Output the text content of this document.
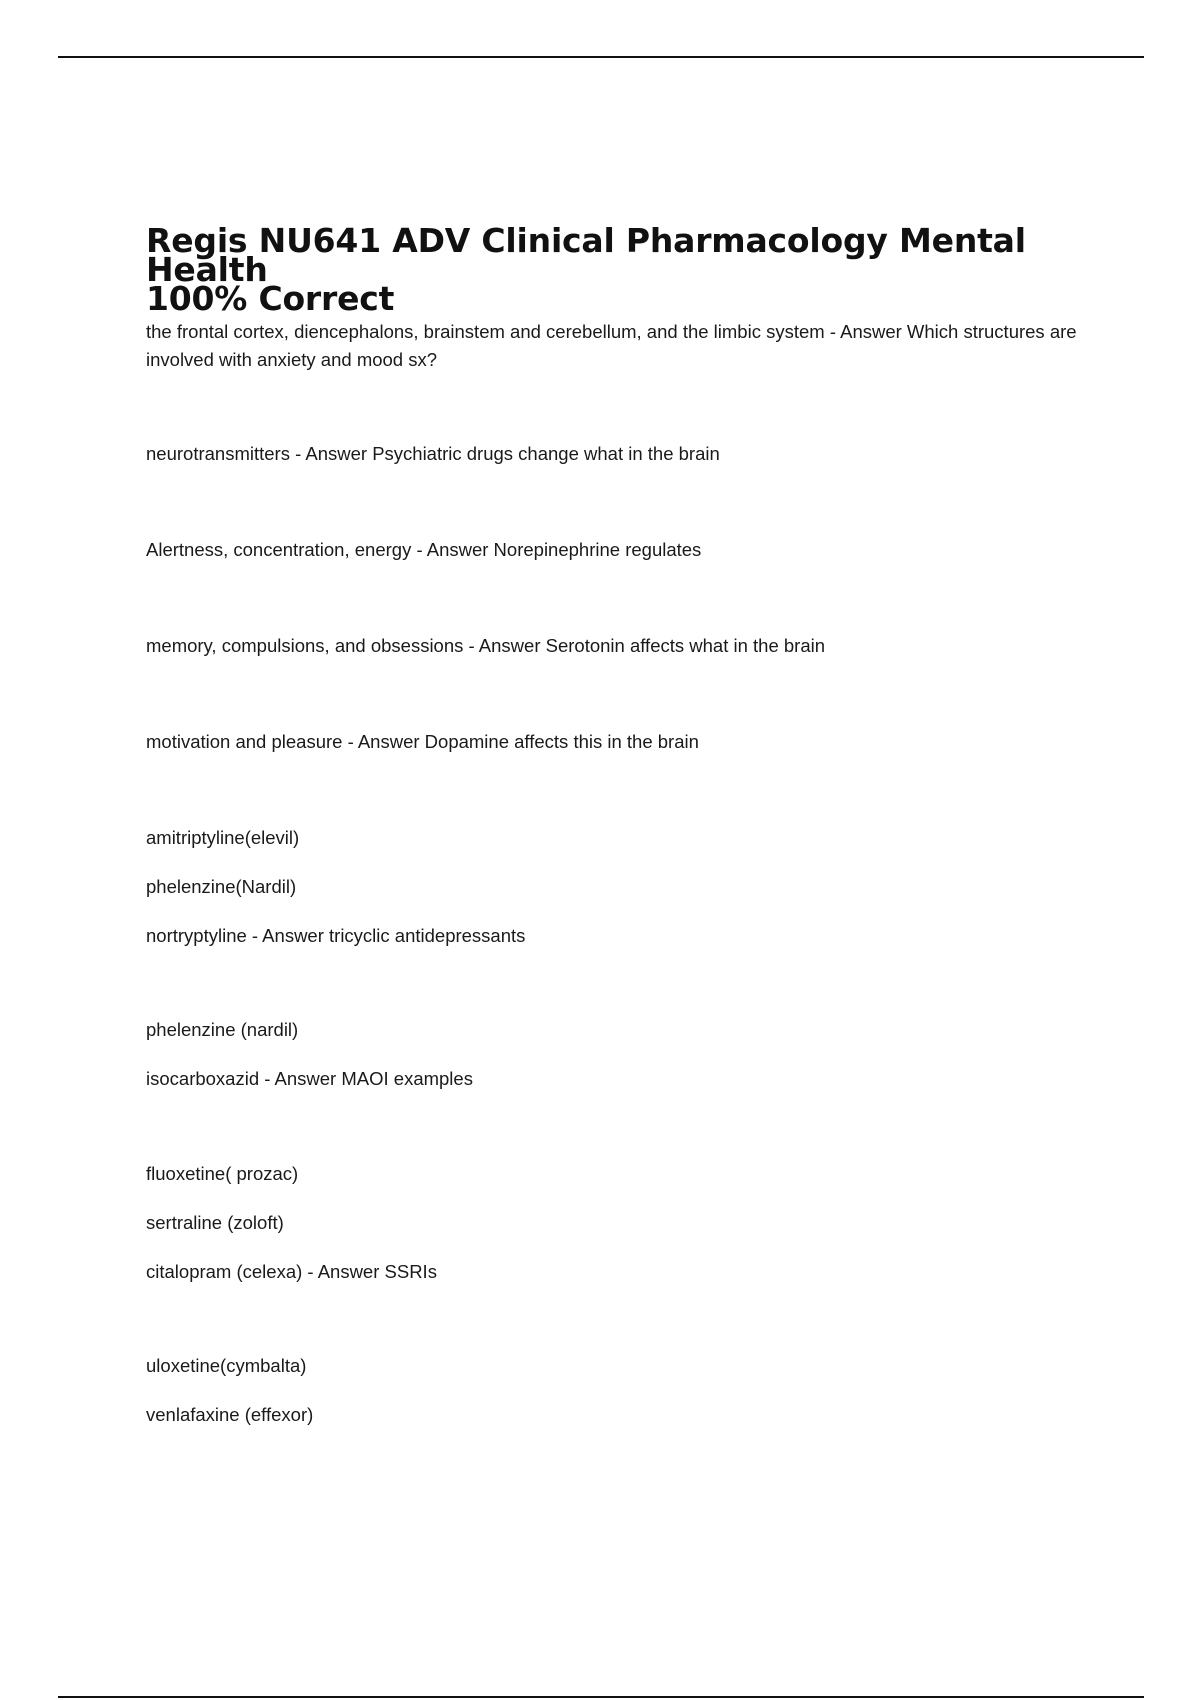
Regis NU641 ADV Clinical Pharmacology Mental Health
100% Correct

the frontal cortex, diencephalons, brainstem and cerebellum, and the limbic system - Answer Which structures are involved with anxiety and mood sx?

neurotransmitters - Answer Psychiatric drugs change what in the brain

Alertness, concentration, energy - Answer Norepinephrine regulates

memory, compulsions, and obsessions - Answer Serotonin affects what in the brain

motivation and pleasure - Answer Dopamine affects this in the brain

amitriptyline(elevil)
phelenzine(Nardil)
nortryptyline - Answer tricyclic antidepressants
phelenzine (nardil)
isocarboxazid - Answer MAOI examples
fluoxetine( prozac)
sertraline (zoloft)
citalopram (celexa) - Answer SSRIs
uloxetine(cymbalta)
venlafaxine (effexor)
